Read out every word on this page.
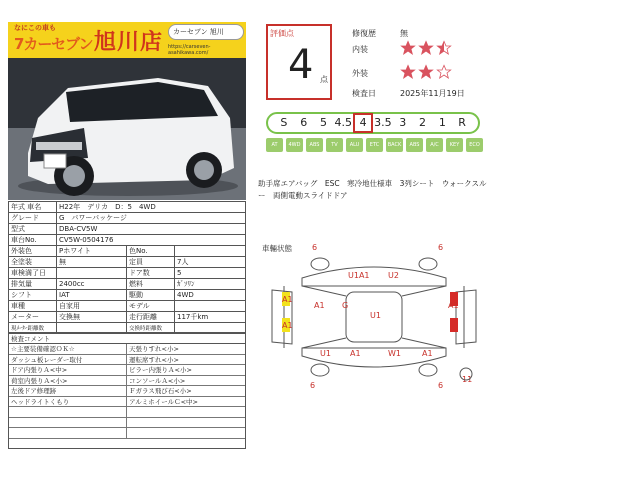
なにこの車も
7カーセブン 旭川店	カーセブン 旭川
https://carseven-asahikawa.com/
年式 車名	H22年　デリカ　D：5　4WD		
グレード	G　パワーパッケージ		
型式	DBA-CV5W		
車台No.	CV5W-0504176		
外装色	Pホワイト	色No.	
全塗装	無	定員	7人
車検満了日		ドア数	5
排気量	2400cc	燃料	ｶﾞｿﾘﾝ
シフト	IAT	駆動	4WD
車種	自家用	モデル	
メーター	交換無	走行距離	117千km
現ﾒｰﾀｰ距離数		交換時距離数	
検査コメント
☆主要装備確認ＯＫ☆	天張りすれ<小>
ダッシュ板レーダー取付	運転席すれ<小>
ドア内張りＡ<中>	ピラー内張りＡ<小>
荷室内張りＡ<小>	コンソールＡ<小>
左後ドア修理跡	Ｆガラス飛び石<小>
ヘッドライトくもり	アルミホイールＣ<中>
評価点
4 点
修復歴	無
内装
外装
検査日	2025年11月19日
S	6	5 4.5 4 3.5 3	2	1	R
AT	4WD	ABS	TV	ALU	ETC	BACK	ABS	A/C	KEY	ECO
助手席エアバッグ　ESC　寒冷地仕様車　3列シート　ウォークスルー　両側電動スライドドア
車輛状態	6
U1A1 U2
6
A1
A1
A1
G
U1
A1
U1 A1	W1	A1
6	6
11
